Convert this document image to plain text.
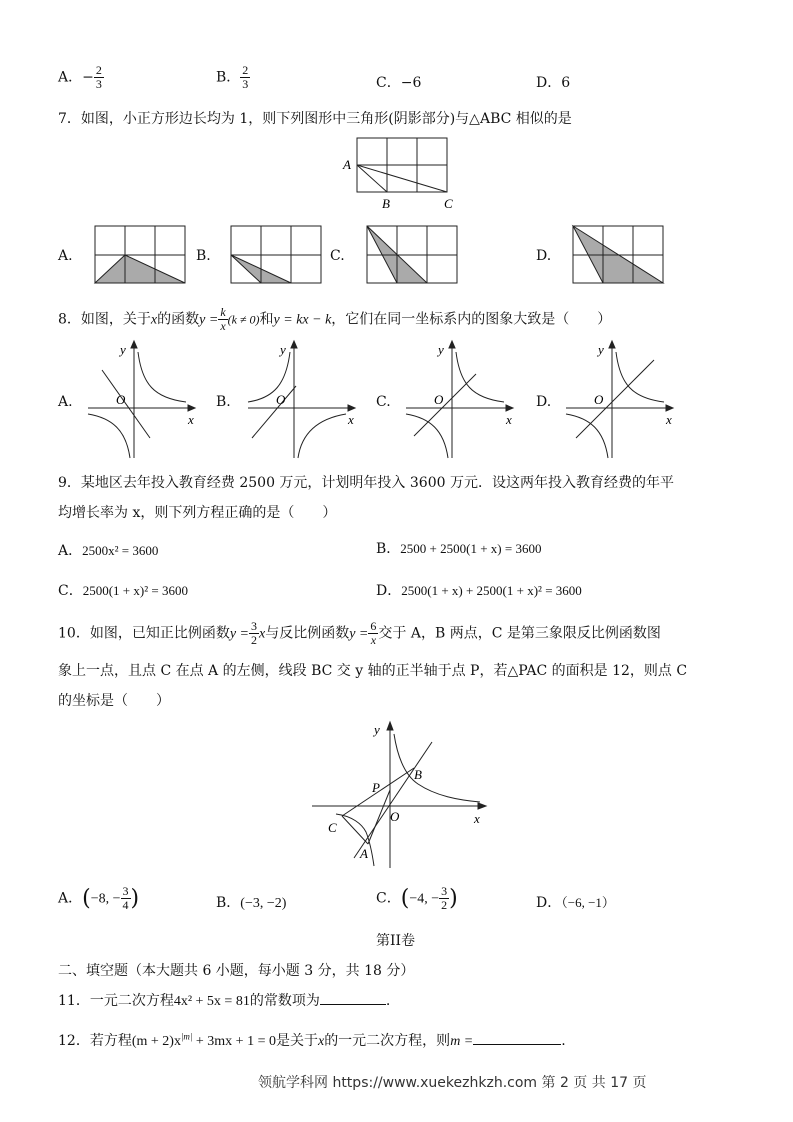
A．− $\frac{2}{3}$	B． $\frac{2}{3}$	C．−6	D．6
7．如图，小正方形边长均为 1，则下列图形中三角形(阴影部分)与△ABC 相似的是
A
B	C
A.	B.	C.	D.
8．如图，关于x的函数$y = \frac{k}{x} (k \ne 0)$和y = kx − k，它们在同一坐标系内的图象大致是（　　）
A.
y
x
O	B.
y
x
O	C.
y
x
O	D.
y
x
O
9．某地区去年投入教育经费 2500 万元，计划明年投入 3600 万元．设这两年投入教育经费的年平
均增长率为 x，则下列方程正确的是（　　）
A．2500x² = 3600	B．2500 + 2500(1 + x) = 3600
C．2500(1 + x)² = 3600	D．2500(1 + x) + 2500(1 + x)² = 3600
10．如图，已知正比例函数$y = \frac{3}{2}$ x与反比例函数$y = \frac{6}{x}$ 交于 A，B 两点，C 是第三象限反比例函数图
象上一点，且点 C 在点 A 的左侧，线段 BC 交 y 轴的正半轴于点 P，若△PAC 的面积是 12，则点 C
的坐标是（　　）
y
x
O
P
B
C
A
A．(−8, − $\frac{3}{4}$ )	B．(−3, −2)	C．(−4, − $\frac{3}{2}$ )	D．（−6, −1）
第II卷
二、填空题（本大题共 6 小题，每小题 3 分，共 18 分）
11．一元二次方程4x² + 5x = 81的常数项为	.
12．若方程$(m + 2)x^{|m|} + 3mx + 1 = 0$是关于x的一元二次方程，则m =	.
领航学科网 https://www.xuekezhkzh.com 第 2 页 共 17 页
